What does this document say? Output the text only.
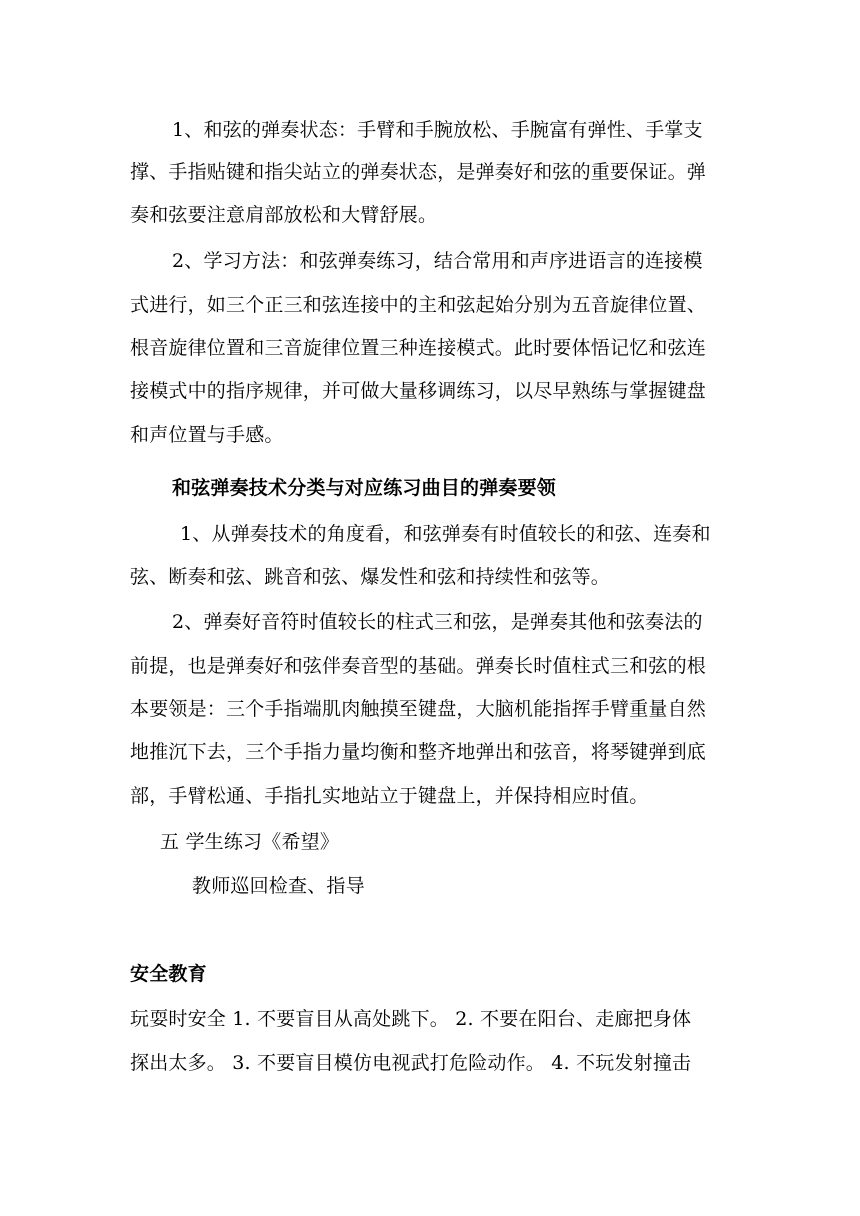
1、和弦的弹奏状态：手臂和手腕放松、手腕富有弹性、手掌支
撑、手指贴键和指尖站立的弹奏状态，是弹奏好和弦的重要保证。弹
奏和弦要注意肩部放松和大臂舒展。
2、学习方法：和弦弹奏练习，结合常用和声序进语言的连接模
式进行，如三个正三和弦连接中的主和弦起始分别为五音旋律位置、
根音旋律位置和三音旋律位置三种连接模式。此时要体悟记忆和弦连
接模式中的指序规律，并可做大量移调练习，以尽早熟练与掌握键盘
和声位置与手感。
和弦弹奏技术分类与对应练习曲目的弹奏要领
1、从弹奏技术的角度看，和弦弹奏有时值较长的和弦、连奏和
弦、断奏和弦、跳音和弦、爆发性和弦和持续性和弦等。
2、弹奏好音符时值较长的柱式三和弦，是弹奏其他和弦奏法的
前提，也是弹奏好和弦伴奏音型的基础。弹奏长时值柱式三和弦的根
本要领是：三个手指端肌肉触摸至键盘，大脑机能指挥手臂重量自然
地推沉下去，三个手指力量均衡和整齐地弹出和弦音，将琴键弹到底
部，手臂松通、手指扎实地站立于键盘上，并保持相应时值。
五 学生练习《希望》
教师巡回检查、指导
安全教育
玩耍时安全 1. 不要盲目从高处跳下。 2. 不要在阳台、走廊把身体
探出太多。 3. 不要盲目模仿电视武打危险动作。 4. 不玩发射撞击
